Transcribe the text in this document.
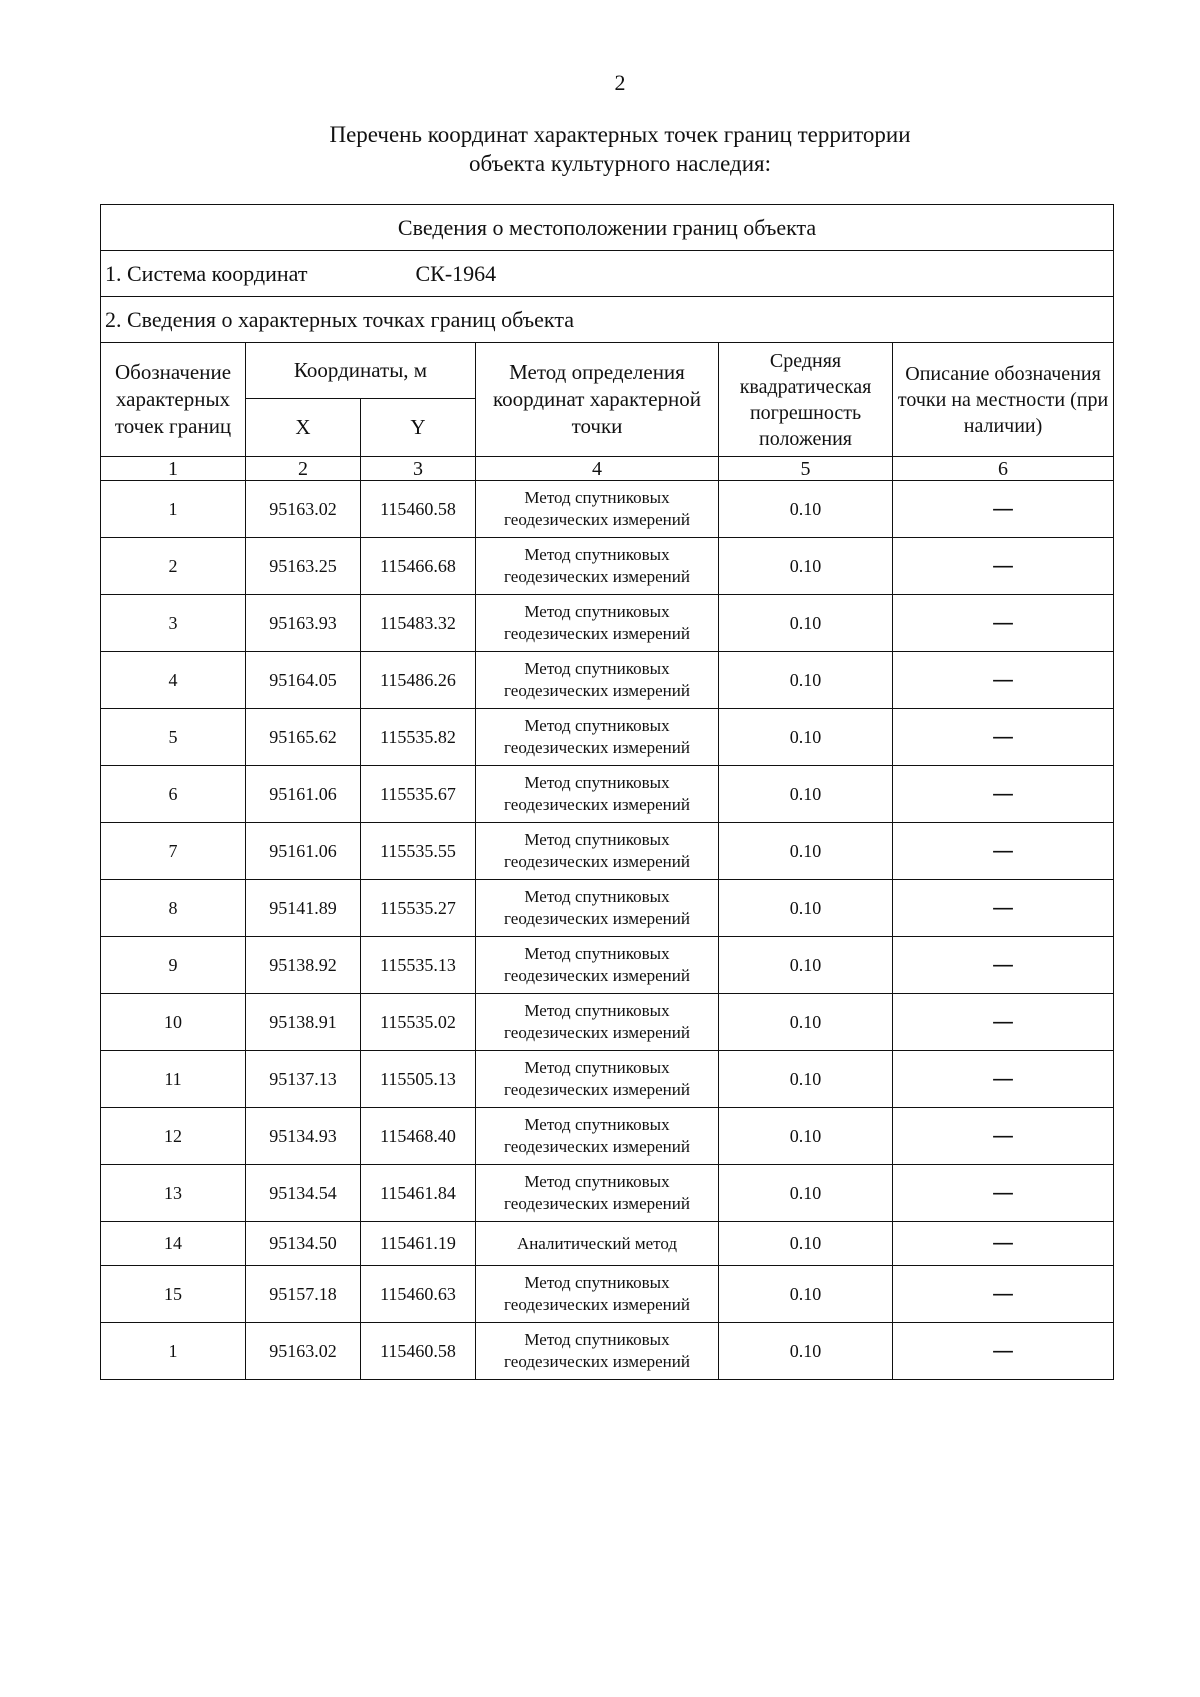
2
Перечень координат характерных точек границ территории
объекта культурного наследия:
Сведения о местоположении границ объекта					
1. Система координат СК-1964					
2. Сведения о характерных точках границ объекта					
Обозначение характерных точек границ	Координаты, м		Метод определения координат характерной точки	Средняя квадратическая погрешность положения	Описание обозначения точки на местности (при наличии)
	X	Y			
1	2	3	4	5	6
1	95163.02	115460.58	Метод спутниковых геодезических измерений	0.10	—
2	95163.25	115466.68	Метод спутниковых геодезических измерений	0.10	—
3	95163.93	115483.32	Метод спутниковых геодезических измерений	0.10	—
4	95164.05	115486.26	Метод спутниковых геодезических измерений	0.10	—
5	95165.62	115535.82	Метод спутниковых геодезических измерений	0.10	—
6	95161.06	115535.67	Метод спутниковых геодезических измерений	0.10	—
7	95161.06	115535.55	Метод спутниковых геодезических измерений	0.10	—
8	95141.89	115535.27	Метод спутниковых геодезических измерений	0.10	—
9	95138.92	115535.13	Метод спутниковых геодезических измерений	0.10	—
10	95138.91	115535.02	Метод спутниковых геодезических измерений	0.10	—
11	95137.13	115505.13	Метод спутниковых геодезических измерений	0.10	—
12	95134.93	115468.40	Метод спутниковых геодезических измерений	0.10	—
13	95134.54	115461.84	Метод спутниковых геодезических измерений	0.10	—
14	95134.50	115461.19	Аналитический метод	0.10	—
15	95157.18	115460.63	Метод спутниковых геодезических измерений	0.10	—
1	95163.02	115460.58	Метод спутниковых геодезических измерений	0.10	—
